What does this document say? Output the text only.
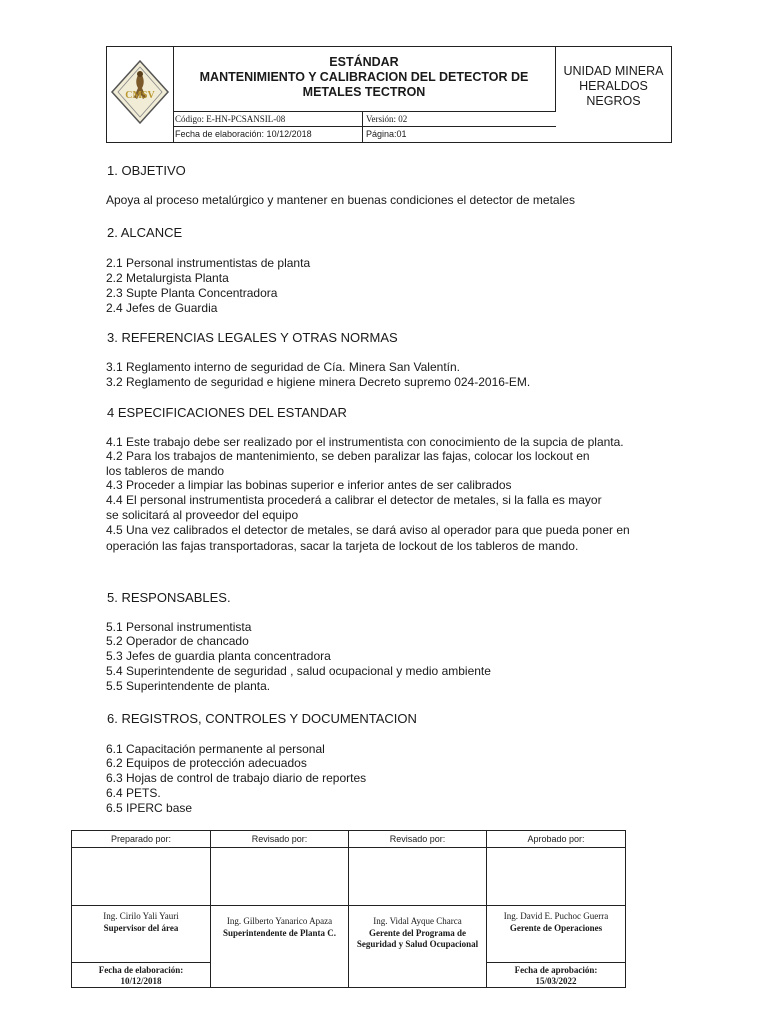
CMSV
ESTÁNDAR
MANTENIMIENTO Y CALIBRACION DEL DETECTOR DE
METALES TECTRON
UNIDAD MINERA
HERALDOS
NEGROS
Código: E-HN-PCSANSIL-08	Versión: 02
Fecha de elaboración: 10/12/2018	Página:01
1. OBJETIVO
Apoya al proceso metalúrgico y mantener en buenas condiciones el detector de metales
2. ALCANCE
2.1 Personal instrumentistas de planta
2.2 Metalurgista Planta
2.3 Supte Planta Concentradora
2.4 Jefes de Guardia
3. REFERENCIAS LEGALES Y OTRAS NORMAS
3.1 Reglamento interno de seguridad de Cía. Minera San Valentín.
3.2 Reglamento de seguridad e higiene minera Decreto supremo 024-2016-EM.
4 ESPECIFICACIONES DEL ESTANDAR
4.1 Este trabajo debe ser realizado por el instrumentista con conocimiento de la supcia de planta.
4.2 Para los trabajos de mantenimiento, se deben paralizar las fajas, colocar los lockout en
los tableros de mando
4.3 Proceder a limpiar las bobinas superior e inferior antes de ser calibrados
4.4 El personal instrumentista procederá a calibrar el detector de metales, si la falla es mayor
se solicitará al proveedor del equipo
4.5 Una vez calibrados el detector de metales, se dará aviso al operador para que pueda poner en
operación las fajas transportadoras, sacar la tarjeta de lockout de los tableros de mando.
5. RESPONSABLES.
5.1 Personal instrumentista
5.2 Operador de chancado
5.3 Jefes de guardia planta concentradora
5.4 Superintendente de seguridad , salud ocupacional y medio ambiente
5.5 Superintendente de planta.
6. REGISTROS, CONTROLES Y DOCUMENTACION
6.1 Capacitación permanente al personal
6.2 Equipos de protección adecuados
6.3 Hojas de control de trabajo diario de reportes
6.4 PETS.
6.5 IPERC base
Preparado por:
Ing. Cirilo Yali Yauri
Supervisor del área
Fecha de elaboración:
10/12/2018
Revisado por:
Ing. Gilberto Yanarico Apaza
Superintendente de Planta C.
Revisado por:
Ing. Vidal Ayque Charca
Gerente del Programa de Seguridad y Salud Ocupacional
Aprobado por:
Ing. David E. Puchoc Guerra
Gerente de Operaciones
Fecha de aprobación:
15/03/2022
